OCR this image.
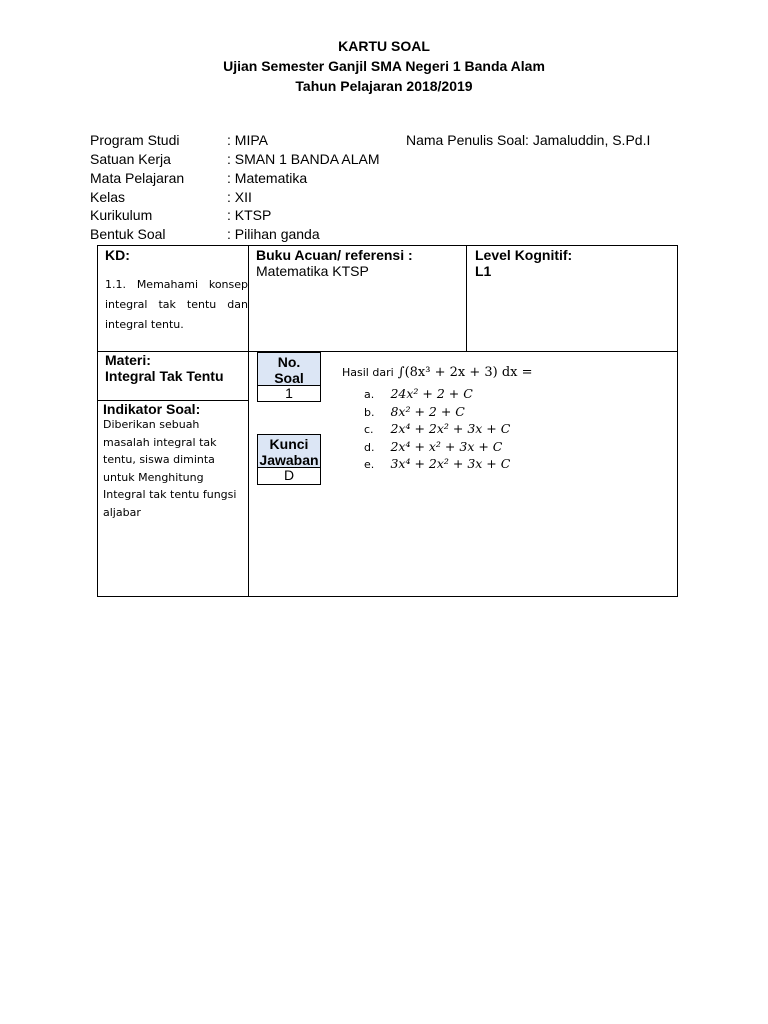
KARTU SOAL
Ujian Semester Ganjil SMA Negeri 1 Banda Alam
Tahun Pelajaran 2018/2019
Program Studi	: MIPA	Nama Penulis Soal: Jamaluddin, S.Pd.I
Satuan Kerja	: SMAN 1 BANDA ALAM
Mata Pelajaran	: Matematika
Kelas	: XII
Kurikulum	: KTSP
Bentuk Soal	: Pilihan ganda
KD:
1.1. Memahami konsep integral tak tentu dan integral tentu.
Buku Acuan/ referensi :
Matematika KTSP
Level Kognitif:
L1
Materi:
Integral Tak Tentu
Indikator Soal:
Diberikan sebuah masalah integral tak tentu, siswa diminta untuk Menghitung Integral tak tentu fungsi aljabar
No.
Soal
1
Kunci
Jawaban
D
Hasil dari ∫(8x³ + 2x + 3) dx =
a. 24x² + 2 + C
b. 8x² + 2 + C
c. 2x⁴ + 2x² + 3x + C
d. 2x⁴ + x² + 3x + C
e. 3x⁴ + 2x² + 3x + C
